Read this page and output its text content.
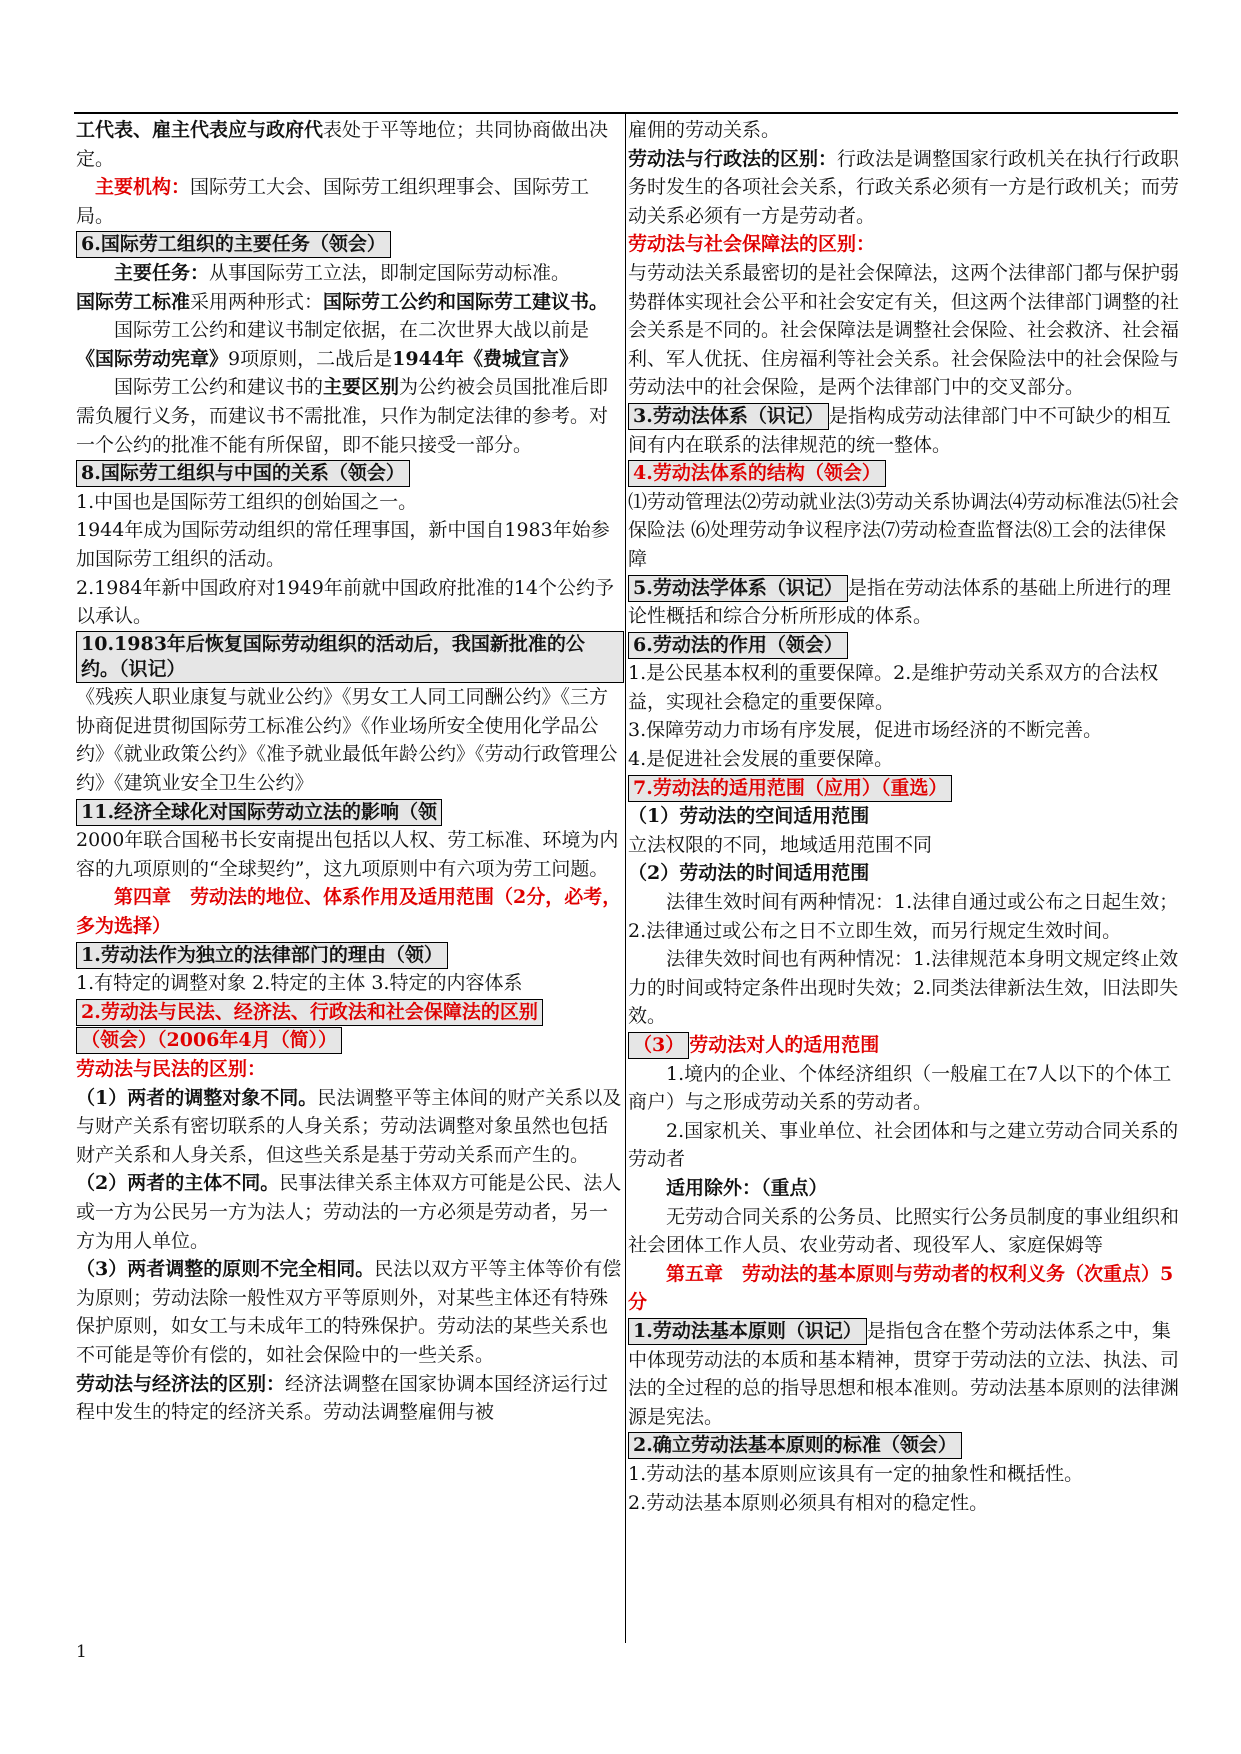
工代表、雇主代表应与政府代表处于平等地位；共同协商做出决定。

主要机构：国际劳工大会、国际劳工组织理事会、国际劳工局。

6.国际劳工组织的主要任务（领会）

主要任务：从事国际劳工立法，即制定国际劳动标准。

国际劳工标准采用两种形式：国际劳工公约和国际劳工建议书。

国际劳工公约和建议书制定依据，在二次世界大战以前是《国际劳动宪章》9项原则，二战后是1944年《费城宣言》

国际劳工公约和建议书的主要区别为公约被会员国批准后即需负履行义务，而建议书不需批准，只作为制定法律的参考。对一个公约的批准不能有所保留，即不能只接受一部分。

8.国际劳工组织与中国的关系（领会）

1.中国也是国际劳工组织的创始国之一。

1944年成为国际劳动组织的常任理事国，新中国自1983年始参加国际劳工组织的活动。

2.1984年新中国政府对1949年前就中国政府批准的14个公约予以承认。

10.1983年后恢复国际劳动组织的活动后，我国新批准的公约。（识记）

《残疾人职业康复与就业公约》《男女工人同工同酬公约》《三方协商促进贯彻国际劳工标准公约》《作业场所安全使用化学品公约》《就业政策公约》《准予就业最低年龄公约》《劳动行政管理公约》《建筑业安全卫生公约》

11.经济全球化对国际劳动立法的影响（领

2000年联合国秘书长安南提出包括以人权、劳工标准、环境为内容的九项原则的“全球契约”，这九项原则中有六项为劳工问题。

第四章　劳动法的地位、体系作用及适用范围（2分，必考，多为选择）

1.劳动法作为独立的法律部门的理由（领）

1.有特定的调整对象 2.特定的主体 3.特定的内容体系

2.劳动法与民法、经济法、行政法和社会保障法的区别
（领会）（2006年4月（简））

劳动法与民法的区别：

（1）两者的调整对象不同。民法调整平等主体间的财产关系以及与财产关系有密切联系的人身关系；劳动法调整对象虽然也包括财产关系和人身关系，但这些关系是基于劳动关系而产生的。

（2）两者的主体不同。民事法律关系主体双方可能是公民、法人或一方为公民另一方为法人；劳动法的一方必须是劳动者，另一方为用人单位。

（3）两者调整的原则不完全相同。民法以双方平等主体等价有偿为原则；劳动法除一般性双方平等原则外，对某些主体还有特殊保护原则，如女工与未成年工的特殊保护。劳动法的某些关系也不可能是等价有偿的，如社会保险中的一些关系。

劳动法与经济法的区别：经济法调整在国家协调本国经济运行过程中发生的特定的经济关系。劳动法调整雇佣与被

雇佣的劳动关系。

劳动法与行政法的区别：行政法是调整国家行政机关在执行行政职务时发生的各项社会关系，行政关系必须有一方是行政机关；而劳动关系必须有一方是劳动者。

劳动法与社会保障法的区别：

与劳动法关系最密切的是社会保障法，这两个法律部门都与保护弱势群体实现社会公平和社会安定有关，但这两个法律部门调整的社会关系是不同的。社会保障法是调整社会保险、社会救济、社会福利、军人优抚、住房福利等社会关系。社会保险法中的社会保险与劳动法中的社会保险，是两个法律部门中的交叉部分。

3.劳动法体系（识记） 是指构成劳动法律部门中不可缺少的相互间有内在联系的法律规范的统一整体。

4.劳动法体系的结构（领会）

⑴劳动管理法⑵劳动就业法⑶劳动关系协调法⑷劳动标准法⑸社会保险法 ⑹处理劳动争议程序法⑺劳动检查监督法⑻工会的法律保障

5.劳动法学体系（识记） 是指在劳动法体系的基础上所进行的理论性概括和综合分析所形成的体系。

6.劳动法的作用（领会）

1.是公民基本权利的重要保障。2.是维护劳动关系双方的合法权益，实现社会稳定的重要保障。

3.保障劳动力市场有序发展，促进市场经济的不断完善。

4.是促进社会发展的重要保障。

7.劳动法的适用范围（应用）（重选）

（1）劳动法的空间适用范围

立法权限的不同，地域适用范围不同

（2）劳动法的时间适用范围

法律生效时间有两种情况：1.法律自通过或公布之日起生效；2.法律通过或公布之日不立即生效，而另行规定生效时间。

法律失效时间也有两种情况：1.法律规范本身明文规定终止效力的时间或特定条件出现时失效；2.同类法律新法生效，旧法即失效。

（3） 劳动法对人的适用范围

1.境内的企业、个体经济组织（一般雇工在7人以下的个体工商户）与之形成劳动关系的劳动者。

2.国家机关、事业单位、社会团体和与之建立劳动合同关系的劳动者

适用除外：（重点）

无劳动合同关系的公务员、比照实行公务员制度的事业组织和社会团体工作人员、农业劳动者、现役军人、家庭保姆等

第五章　劳动法的基本原则与劳动者的权利义务（次重点）5分

1.劳动法基本原则（识记） 是指包含在整个劳动法体系之中，集中体现劳动法的本质和基本精神，贯穿于劳动法的立法、执法、司法的全过程的总的指导思想和根本准则。劳动法基本原则的法律渊源是宪法。

2.确立劳动法基本原则的标准（领会）

1.劳动法的基本原则应该具有一定的抽象性和概括性。

2.劳动法基本原则必须具有相对的稳定性。

1
